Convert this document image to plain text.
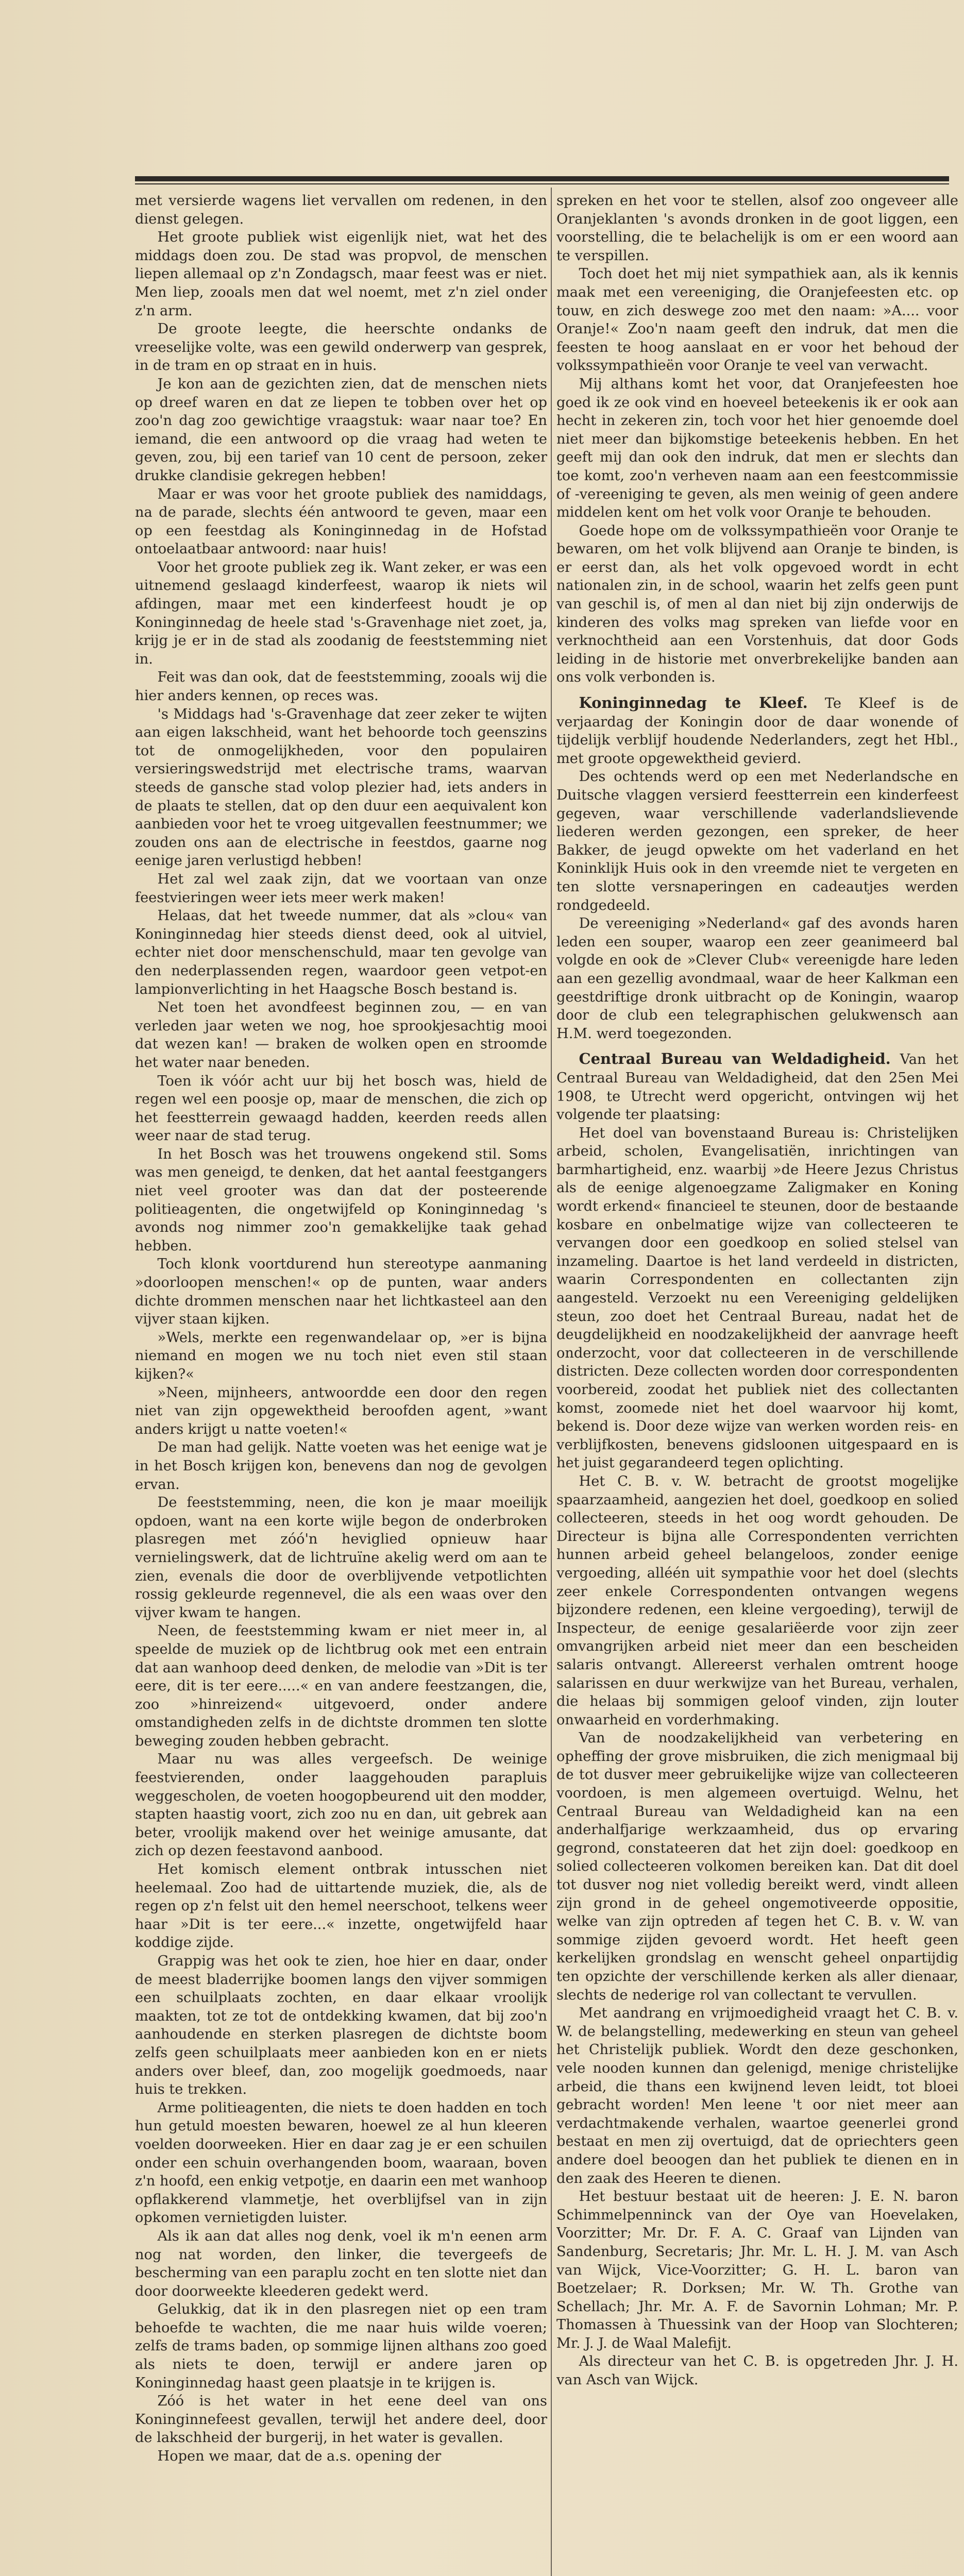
met versierde wagens liet vervallen om redenen, in den dienst gelegen.

Het groote publiek wist eigenlijk niet, wat het des middags doen zou. De stad was propvol, de menschen liepen allemaal op z'n Zondagsch, maar feest was er niet. Men liep, zooals men dat wel noemt, met z'n ziel onder z'n arm.

De groote leegte, die heerschte ondanks de vreeselijke volte, was een gewild onderwerp van gesprek, in de tram en op straat en in huis.

Je kon aan de gezichten zien, dat de menschen niets op dreef waren en dat ze liepen te tobben over het op zoo'n dag zoo gewichtige vraagstuk: waar naar toe? En iemand, die een antwoord op die vraag had weten te geven, zou, bij een tarief van 10 cent de persoon, zeker drukke clandisie gekregen hebben!

Maar er was voor het groote publiek des namiddags, na de parade, slechts één antwoord te geven, maar een op een feestdag als Koninginnedag in de Hofstad ontoelaatbaar antwoord: naar huis!

Voor het groote publiek zeg ik. Want zeker, er was een uitnemend geslaagd kinderfeest, waarop ik niets wil afdingen, maar met een kinderfeest houdt je op Koninginnedag de heele stad 's-Gravenhage niet zoet, ja, krijg je er in de stad als zoodanig de feeststemming niet in.

Feit was dan ook, dat de feeststemming, zooals wij die hier anders kennen, op reces was.

's Middags had 's-Gravenhage dat zeer zeker te wijten aan eigen lakschheid, want het behoorde toch geenszins tot de onmogelijkheden, voor den populairen versieringswedstrijd met electrische trams, waarvan steeds de gansche stad volop plezier had, iets anders in de plaats te stellen, dat op den duur een aequivalent kon aanbieden voor het te vroeg uitgevallen feestnummer; we zouden ons aan de electrische in feestdos, gaarne nog eenige jaren verlustigd hebben!

Het zal wel zaak zijn, dat we voortaan van onze feestvieringen weer iets meer werk maken!

Helaas, dat het tweede nummer, dat als »clou« van Koninginnedag hier steeds dienst deed, ook al uitviel, echter niet door menschenschuld, maar ten gevolge van den nederplassenden regen, waardoor geen vetpot-en lampionverlichting in het Haagsche Bosch bestand is.

Net toen het avondfeest beginnen zou, — en van verleden jaar weten we nog, hoe sprookjesachtig mooi dat wezen kan! — braken de wolken open en stroomde het water naar beneden.

Toen ik vóór acht uur bij het bosch was, hield de regen wel een poosje op, maar de menschen, die zich op het feestterrein gewaagd hadden, keerden reeds allen weer naar de stad terug.

In het Bosch was het trouwens ongekend stil. Soms was men geneigd, te denken, dat het aantal feestgangers niet veel grooter was dan dat der posteerende politieagenten, die ongetwijfeld op Koninginnedag 's avonds nog nimmer zoo'n gemakkelijke taak gehad hebben.

Toch klonk voortdurend hun stereotype aanmaning »doorloopen menschen!« op de punten, waar anders dichte drommen menschen naar het lichtkasteel aan den vijver staan kijken.

»Wels, merkte een regenwandelaar op, »er is bijna niemand en mogen we nu toch niet even stil staan kijken?«

»Neen, mijnheers, antwoordde een door den regen niet van zijn opgewektheid beroofden agent, »want anders krijgt u natte voeten!«

De man had gelijk. Natte voeten was het eenige wat je in het Bosch krijgen kon, benevens dan nog de gevolgen ervan.

De feeststemming, neen, die kon je maar moeilijk opdoen, want na een korte wijle begon de onderbroken plasregen met zóó'n heviglied opnieuw haar vernielingswerk, dat de lichtruïne akelig werd om aan te zien, evenals die door de overblijvende vetpotlichten rossig gekleurde regennevel, die als een waas over den vijver kwam te hangen.

Neen, de feeststemming kwam er niet meer in, al speelde de muziek op de lichtbrug ook met een entrain dat aan wanhoop deed denken, de melodie van »Dit is ter eere, dit is ter eere.....« en van andere feestzangen, die, zoo »hinreizend« uitgevoerd, onder andere omstandigheden zelfs in de dichtste drommen ten slotte beweging zouden hebben gebracht.

Maar nu was alles vergeefsch. De weinige feestvierenden, onder laaggehouden parapluis weggescholen, de voeten hoogopbeurend uit den modder, stapten haastig voort, zich zoo nu en dan, uit gebrek aan beter, vroolijk makend over het weinige amusante, dat zich op dezen feestavond aanbood.

Het komisch element ontbrak intusschen niet heelemaal. Zoo had de uittartende muziek, die, als de regen op z'n felst uit den hemel neerschoot, telkens weer haar »Dit is ter eere...« inzette, ongetwijfeld haar koddige zijde.

Grappig was het ook te zien, hoe hier en daar, onder de meest bladerrijke boomen langs den vijver sommigen een schuilplaats zochten, en daar elkaar vroolijk maakten, tot ze tot de ontdekking kwamen, dat bij zoo'n aanhoudende en sterken plasregen de dichtste boom zelfs geen schuilplaats meer aanbieden kon en er niets anders over bleef, dan, zoo mogelijk goedmoeds, naar huis te trekken.

Arme politieagenten, die niets te doen hadden en toch hun getuld moesten bewaren, hoewel ze al hun kleeren voelden doorweeken. Hier en daar zag je er een schuilen onder een schuin overhangenden boom, waaraan, boven z'n hoofd, een enkig vetpotje, en daarin een met wanhoop opflakkerend vlammetje, het overblijfsel van in zijn opkomen vernietigden luister.

Als ik aan dat alles nog denk, voel ik m'n eenen arm nog nat worden, den linker, die tevergeefs de bescherming van een paraplu zocht en ten slotte niet dan door doorweekte kleederen gedekt werd.

Gelukkig, dat ik in den plasregen niet op een tram behoefde te wachten, die me naar huis wilde voeren; zelfs de trams baden, op sommige lijnen althans zoo goed als niets te doen, terwijl er andere jaren op Koninginnedag haast geen plaatsje in te krijgen is.

Zóó is het water in het eene deel van ons Koninginnefeest gevallen, terwijl het andere deel, door de lakschheid der burgerij, in het water is gevallen.

Hopen we maar, dat de a.s. opening der

spreken en het voor te stellen, alsof zoo ongeveer alle Oranjeklanten 's avonds dronken in de goot liggen, een voorstelling, die te belachelijk is om er een woord aan te verspillen.

Toch doet het mij niet sympathiek aan, als ik kennis maak met een vereeniging, die Oranjefeesten etc. op touw, en zich deswege zoo met den naam: »A.... voor Oranje!« Zoo'n naam geeft den indruk, dat men die feesten te hoog aanslaat en er voor het behoud der volkssympathieën voor Oranje te veel van verwacht.

Mij althans komt het voor, dat Oranjefeesten hoe goed ik ze ook vind en hoeveel beteekenis ik er ook aan hecht in zekeren zin, toch voor het hier genoemde doel niet meer dan bijkomstige beteekenis hebben. En het geeft mij dan ook den indruk, dat men er slechts dan toe komt, zoo'n verheven naam aan een feestcommissie of -vereeniging te geven, als men weinig of geen andere middelen kent om het volk voor Oranje te behouden.

Goede hope om de volkssympathieën voor Oranje te bewaren, om het volk blijvend aan Oranje te binden, is er eerst dan, als het volk opgevoed wordt in echt nationalen zin, in de school, waarin het zelfs geen punt van geschil is, of men al dan niet bij zijn onderwijs de kinderen des volks mag spreken van liefde voor en verknochtheid aan een Vorstenhuis, dat door Gods leiding in de historie met onverbrekelijke banden aan ons volk verbonden is.

Koninginnedag te Kleef. Te Kleef is de verjaardag der Koningin door de daar wonende of tijdelijk verblijf houdende Nederlanders, zegt het Hbl., met groote opgewektheid gevierd.

Des ochtends werd op een met Nederlandsche en Duitsche vlaggen versierd feestterrein een kinderfeest gegeven, waar verschillende vaderlandslievende liederen werden gezongen, een spreker, de heer Bakker, de jeugd opwekte om het vaderland en het Koninklijk Huis ook in den vreemde niet te vergeten en ten slotte versnaperingen en cadeautjes werden rondgedeeld.

De vereeniging »Nederland« gaf des avonds haren leden een souper, waarop een zeer geanimeerd bal volgde en ook de »Clever Club« vereenigde hare leden aan een gezellig avondmaal, waar de heer Kalkman een geestdriftige dronk uitbracht op de Koningin, waarop door de club een telegraphischen gelukwensch aan H.M. werd toegezonden.

Centraal Bureau van Weldadigheid. Van het Centraal Bureau van Weldadigheid, dat den 25en Mei 1908, te Utrecht werd opgericht, ontvingen wij het volgende ter plaatsing:

Het doel van bovenstaand Bureau is: Christelijken arbeid, scholen, Evangelisatiën, inrichtingen van barmhartigheid, enz. waarbij »de Heere Jezus Christus als de eenige algenoegzame Zaligmaker en Koning wordt erkend« financieel te steunen, door de bestaande kosbare en onbelmatige wijze van collecteeren te vervangen door een goedkoop en solied stelsel van inzameling. Daartoe is het land verdeeld in districten, waarin Correspondenten en collectanten zijn aangesteld. Verzoekt nu een Vereeniging geldelijken steun, zoo doet het Centraal Bureau, nadat het de deugdelijkheid en noodzakelijkheid der aanvrage heeft onderzocht, voor dat collecteeren in de verschillende districten. Deze collecten worden door correspondenten voorbereid, zoodat het publiek niet des collectanten komst, zoomede niet het doel waarvoor hij komt, bekend is. Door deze wijze van werken worden reis- en verblijfkosten, benevens gidsloonen uitgespaard en is het juist gegarandeerd tegen oplichting.

Het C. B. v. W. betracht de grootst mogelijke spaarzaamheid, aangezien het doel, goedkoop en solied collecteeren, steeds in het oog wordt gehouden. De Directeur is bijna alle Correspondenten verrichten hunnen arbeid geheel belangeloos, zonder eenige vergoeding, alléén uit sympathie voor het doel (slechts zeer enkele Correspondenten ontvangen wegens bijzondere redenen, een kleine vergoeding), terwijl de Inspecteur, de eenige gesalariëerde voor zijn zeer omvangrijken arbeid niet meer dan een bescheiden salaris ontvangt. Allereerst verhalen omtrent hooge salarissen en duur werkwijze van het Bureau, verhalen, die helaas bij sommigen geloof vinden, zijn louter onwaarheid en vorderhmaking.

Van de noodzakelijkheid van verbetering en opheffing der grove misbruiken, die zich menigmaal bij de tot dusver meer gebruikelijke wijze van collecteeren voordoen, is men algemeen overtuigd. Welnu, het Centraal Bureau van Weldadigheid kan na een anderhalfjarige werkzaamheid, dus op ervaring gegrond, constateeren dat het zijn doel: goedkoop en solied collecteeren volkomen bereiken kan. Dat dit doel tot dusver nog niet volledig bereikt werd, vindt alleen zijn grond in de geheel ongemotiveerde oppositie, welke van zijn optreden af tegen het C. B. v. W. van sommige zijden gevoerd wordt. Het heeft geen kerkelijken grondslag en wenscht geheel onpartijdig ten opzichte der verschillende kerken als aller dienaar, slechts de nederige rol van collectant te vervullen.

Met aandrang en vrijmoedigheid vraagt het C. B. v. W. de belangstelling, medewerking en steun van geheel het Christelijk publiek. Wordt den deze geschonken, vele nooden kunnen dan gelenigd, menige christelijke arbeid, die thans een kwijnend leven leidt, tot bloei gebracht worden! Men leene 't oor niet meer aan verdachtmakende verhalen, waartoe geenerlei grond bestaat en men zij overtuigd, dat de opriechters geen andere doel beoogen dan het publiek te dienen en in den zaak des Heeren te dienen.

Het bestuur bestaat uit de heeren: J. E. N. baron Schimmelpenninck van der Oye van Hoevelaken, Voorzitter; Mr. Dr. F. A. C. Graaf van Lijnden van Sandenburg, Secretaris; Jhr. Mr. L. H. J. M. van Asch van Wijck, Vice-Voorzitter; G. H. L. baron van Boetzelaer; R. Dorksen; Mr. W. Th. Grothe van Schellach; Jhr. Mr. A. F. de Savornin Lohman; Mr. P. Thomassen à Thuessink van der Hoop van Slochteren; Mr. J. J. de Waal Malefijt.

Als directeur van het C. B. is opgetreden Jhr. J. H. van Asch van Wijck.
